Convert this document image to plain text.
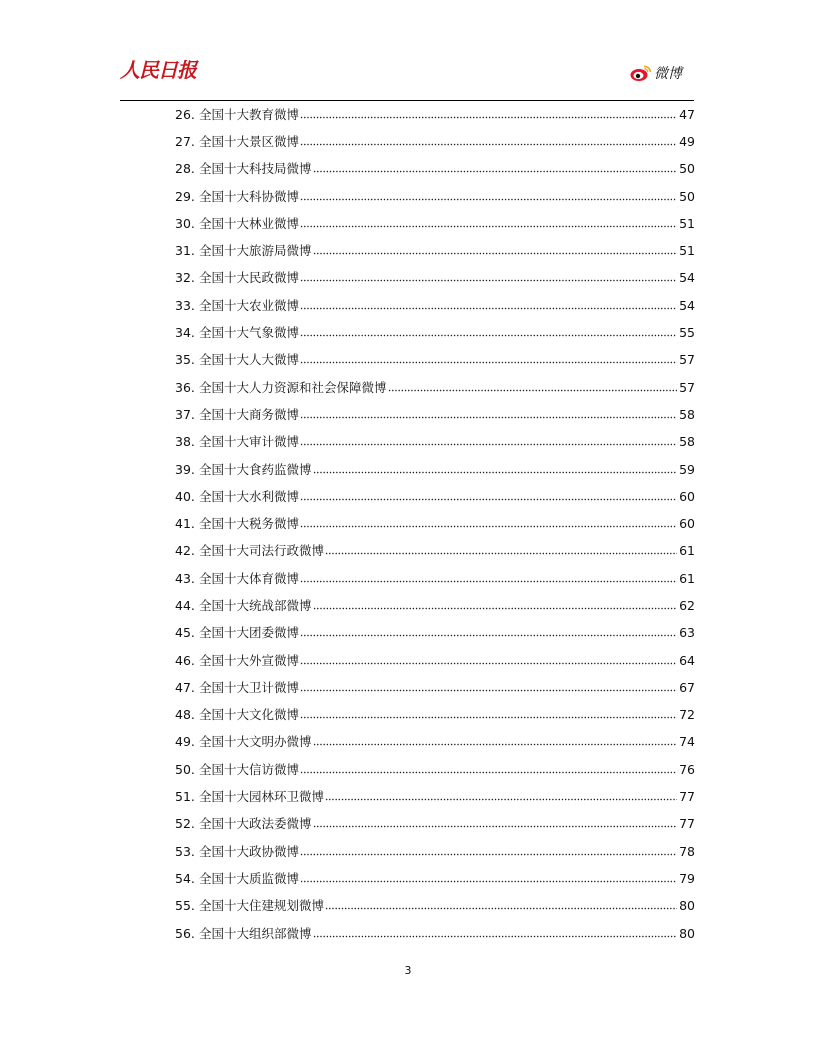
人民日报	微博
26. 全国十大教育微博	47
27. 全国十大景区微博	49
28. 全国十大科技局微博	50
29. 全国十大科协微博	50
30. 全国十大林业微博	51
31. 全国十大旅游局微博	51
32. 全国十大民政微博	54
33. 全国十大农业微博	54
34. 全国十大气象微博	55
35. 全国十大人大微博	57
36. 全国十大人力资源和社会保障微博	57
37. 全国十大商务微博	58
38. 全国十大审计微博	58
39. 全国十大食药监微博	59
40. 全国十大水利微博	60
41. 全国十大税务微博	60
42. 全国十大司法行政微博	61
43. 全国十大体育微博	61
44. 全国十大统战部微博	62
45. 全国十大团委微博	63
46. 全国十大外宣微博	64
47. 全国十大卫计微博	67
48. 全国十大文化微博	72
49. 全国十大文明办微博	74
50. 全国十大信访微博	76
51. 全国十大园林环卫微博	77
52. 全国十大政法委微博	77
53. 全国十大政协微博	78
54. 全国十大质监微博	79
55. 全国十大住建规划微博	80
56. 全国十大组织部微博	80
3
